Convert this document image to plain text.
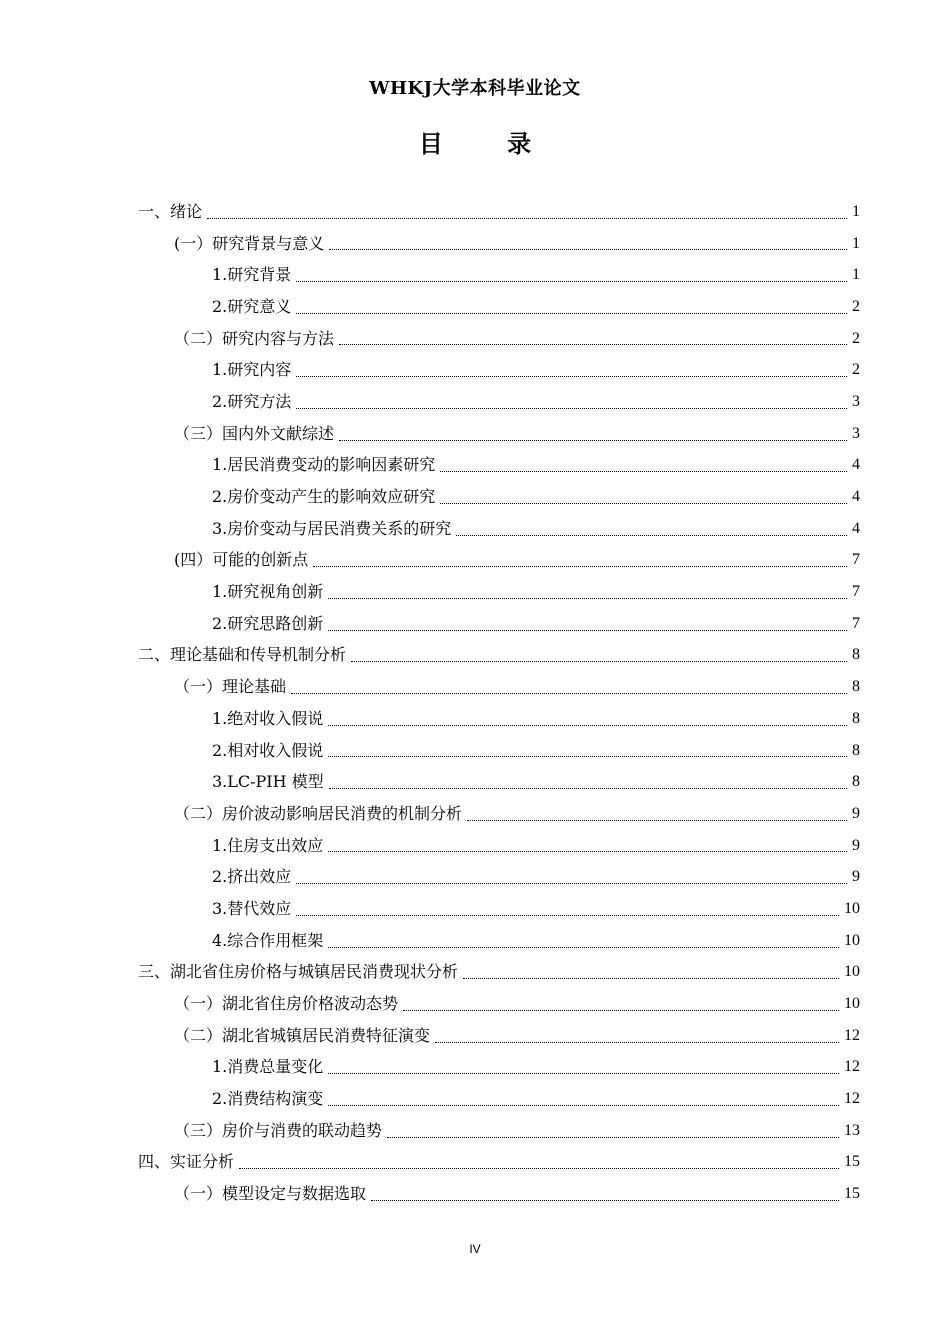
WHKJ大学本科毕业论文
目 录
一、绪论	1
(一）研究背景与意义	1
1.研究背景	1
2.研究意义	2
（二）研究内容与方法	2
1.研究内容	2
2.研究方法	3
（三）国内外文献综述	3
1.居民消费变动的影响因素研究	4
2.房价变动产生的影响效应研究	4
3.房价变动与居民消费关系的研究	4
(四）可能的创新点	7
1.研究视角创新	7
2.研究思路创新	7
二、理论基础和传导机制分析	8
（一）理论基础	8
1.绝对收入假说	8
2.相对收入假说	8
3.LC-PIH 模型	8
（二）房价波动影响居民消费的机制分析	9
1.住房支出效应	9
2.挤出效应	9
3.替代效应	10
4.综合作用框架	10
三、湖北省住房价格与城镇居民消费现状分析	10
（一）湖北省住房价格波动态势	10
（二）湖北省城镇居民消费特征演变	12
1.消费总量变化	12
2.消费结构演变	12
（三）房价与消费的联动趋势	13
四、实证分析	15
（一）模型设定与数据选取	15
IV
